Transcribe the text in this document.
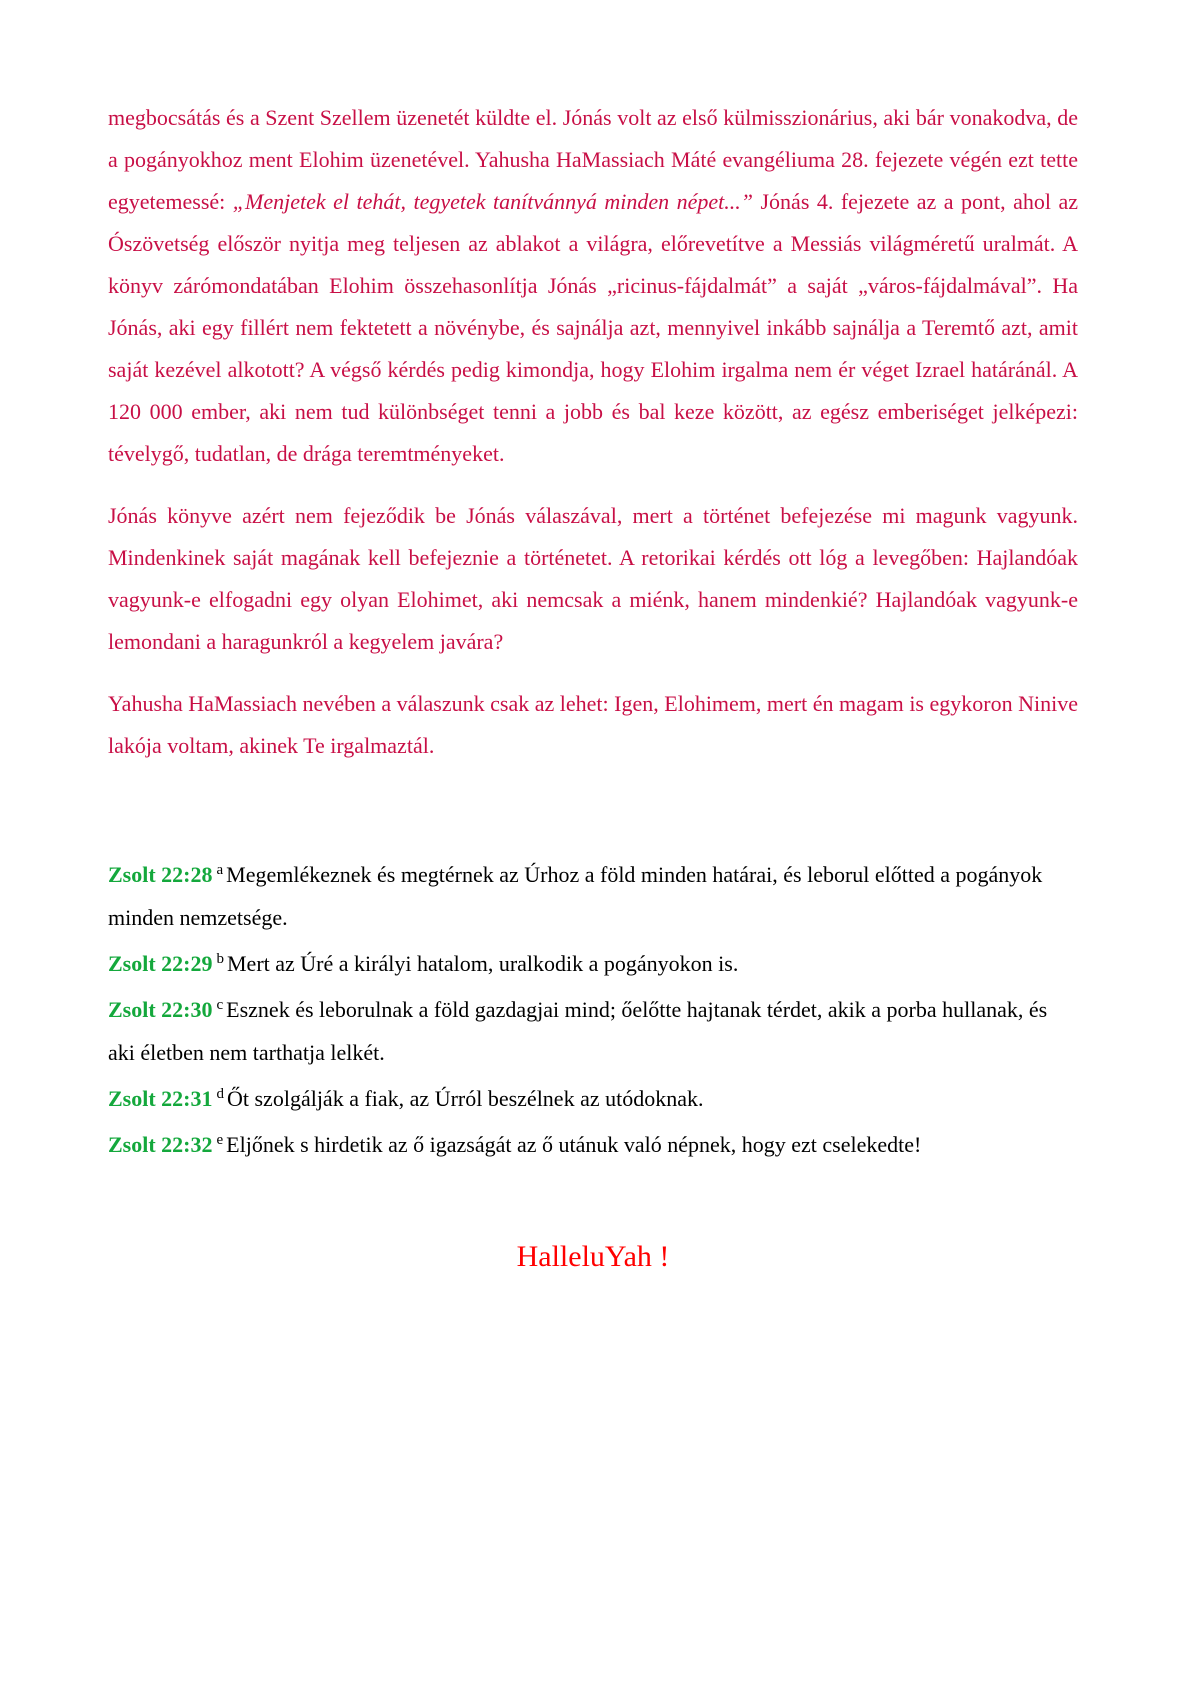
megbocsátás és a Szent Szellem üzenetét küldte el. Jónás volt az első külmisszionárius, aki bár vonakodva, de a pogányokhoz ment Elohim üzenetével. Yahusha HaMassiach Máté evangéliuma 28. fejezete végén ezt tette egyetemessé: „Menjetek el tehát, tegyetek tanítvánnyá minden népet...” Jónás 4. fejezete az a pont, ahol az Ószövetség először nyitja meg teljesen az ablakot a világra, előrevetítve a Messiás világméretű uralmát. A könyv zárómondatában Elohim összehasonlítja Jónás „ricinus-fájdalmát” a saját „város-fájdalmával”. Ha Jónás, aki egy fillért nem fektetett a növénybe, és sajnálja azt, mennyivel inkább sajnálja a Teremtő azt, amit saját kezével alkotott? A végső kérdés pedig kimondja, hogy Elohim irgalma nem ér véget Izrael határánál. A 120 000 ember, aki nem tud különbséget tenni a jobb és bal keze között, az egész emberiséget jelképezi: tévelygő, tudatlan, de drága teremtményeket.

Jónás könyve azért nem fejeződik be Jónás válaszával, mert a történet befejezése mi magunk vagyunk. Mindenkinek saját magának kell befejeznie a történetet. A retorikai kérdés ott lóg a levegőben: Hajlandóak vagyunk-e elfogadni egy olyan Elohimet, aki nemcsak a miénk, hanem mindenkié? Hajlandóak vagyunk-e lemondani a haragunkról a kegyelem javára?

Yahusha HaMassiach nevében a válaszunk csak az lehet: Igen, Elohimem, mert én magam is egykoron Ninive lakója voltam, akinek Te irgalmaztál.

Zsolt 22:28 $^a$ Megemlékeznek és megtérnek az Úrhoz a föld minden határai, és leborul előtted a pogányok minden nemzetsége.

Zsolt 22:29 $^b$ Mert az Úré a királyi hatalom, uralkodik a pogányokon is.

Zsolt 22:30 $^c$ Esznek és leborulnak a föld gazdagjai mind; őelőtte hajtanak térdet, akik a porba hullanak, és aki életben nem tarthatja lelkét.

Zsolt 22:31 $^d$ Őt szolgálják a fiak, az Úrról beszélnek az utódoknak.

Zsolt 22:32 $^e$ Eljőnek s hirdetik az ő igazságát az ő utánuk való népnek, hogy ezt cselekedte!

HalleluYah !
